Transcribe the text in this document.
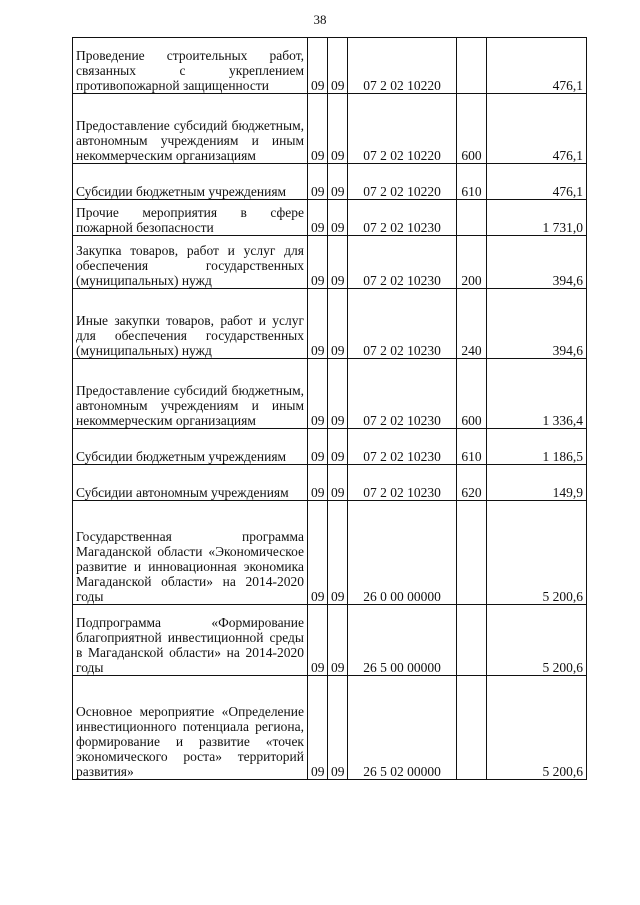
38
Проведение строительных работ, связанных с укреплением противопожарной защищенности	09	09	07 2 02 10220		476,1
Предоставление субсидий бюджетным, автономным учреждениям и иным некоммерческим организациям	09	09	07 2 02 10220	600	476,1
Субсидии бюджетным учреждениям	09	09	07 2 02 10220	610	476,1
Прочие мероприятия в сфере пожарной безопасности	09	09	07 2 02 10230		1 731,0
Закупка товаров, работ и услуг для обеспечения государственных (муниципальных) нужд	09	09	07 2 02 10230	200	394,6
Иные закупки товаров, работ и услуг для обеспечения государственных (муниципальных) нужд	09	09	07 2 02 10230	240	394,6
Предоставление субсидий бюджетным, автономным учреждениям и иным некоммерческим организациям	09	09	07 2 02 10230	600	1 336,4
Субсидии бюджетным учреждениям	09	09	07 2 02 10230	610	1 186,5
Субсидии автономным учреждениям	09	09	07 2 02 10230	620	149,9
Государственная программа Магаданской области «Экономическое развитие и инновационная экономика Магаданской области» на 2014-2020 годы	09	09	26 0 00 00000		5 200,6
Подпрограмма «Формирование благоприятной инвестиционной среды в Магаданской области» на 2014-2020 годы	09	09	26 5 00 00000		5 200,6
Основное мероприятие «Определение инвестиционного потенциала региона, формирование и развитие «точек экономического роста» территорий развития»	09	09	26 5 02 00000		5 200,6
